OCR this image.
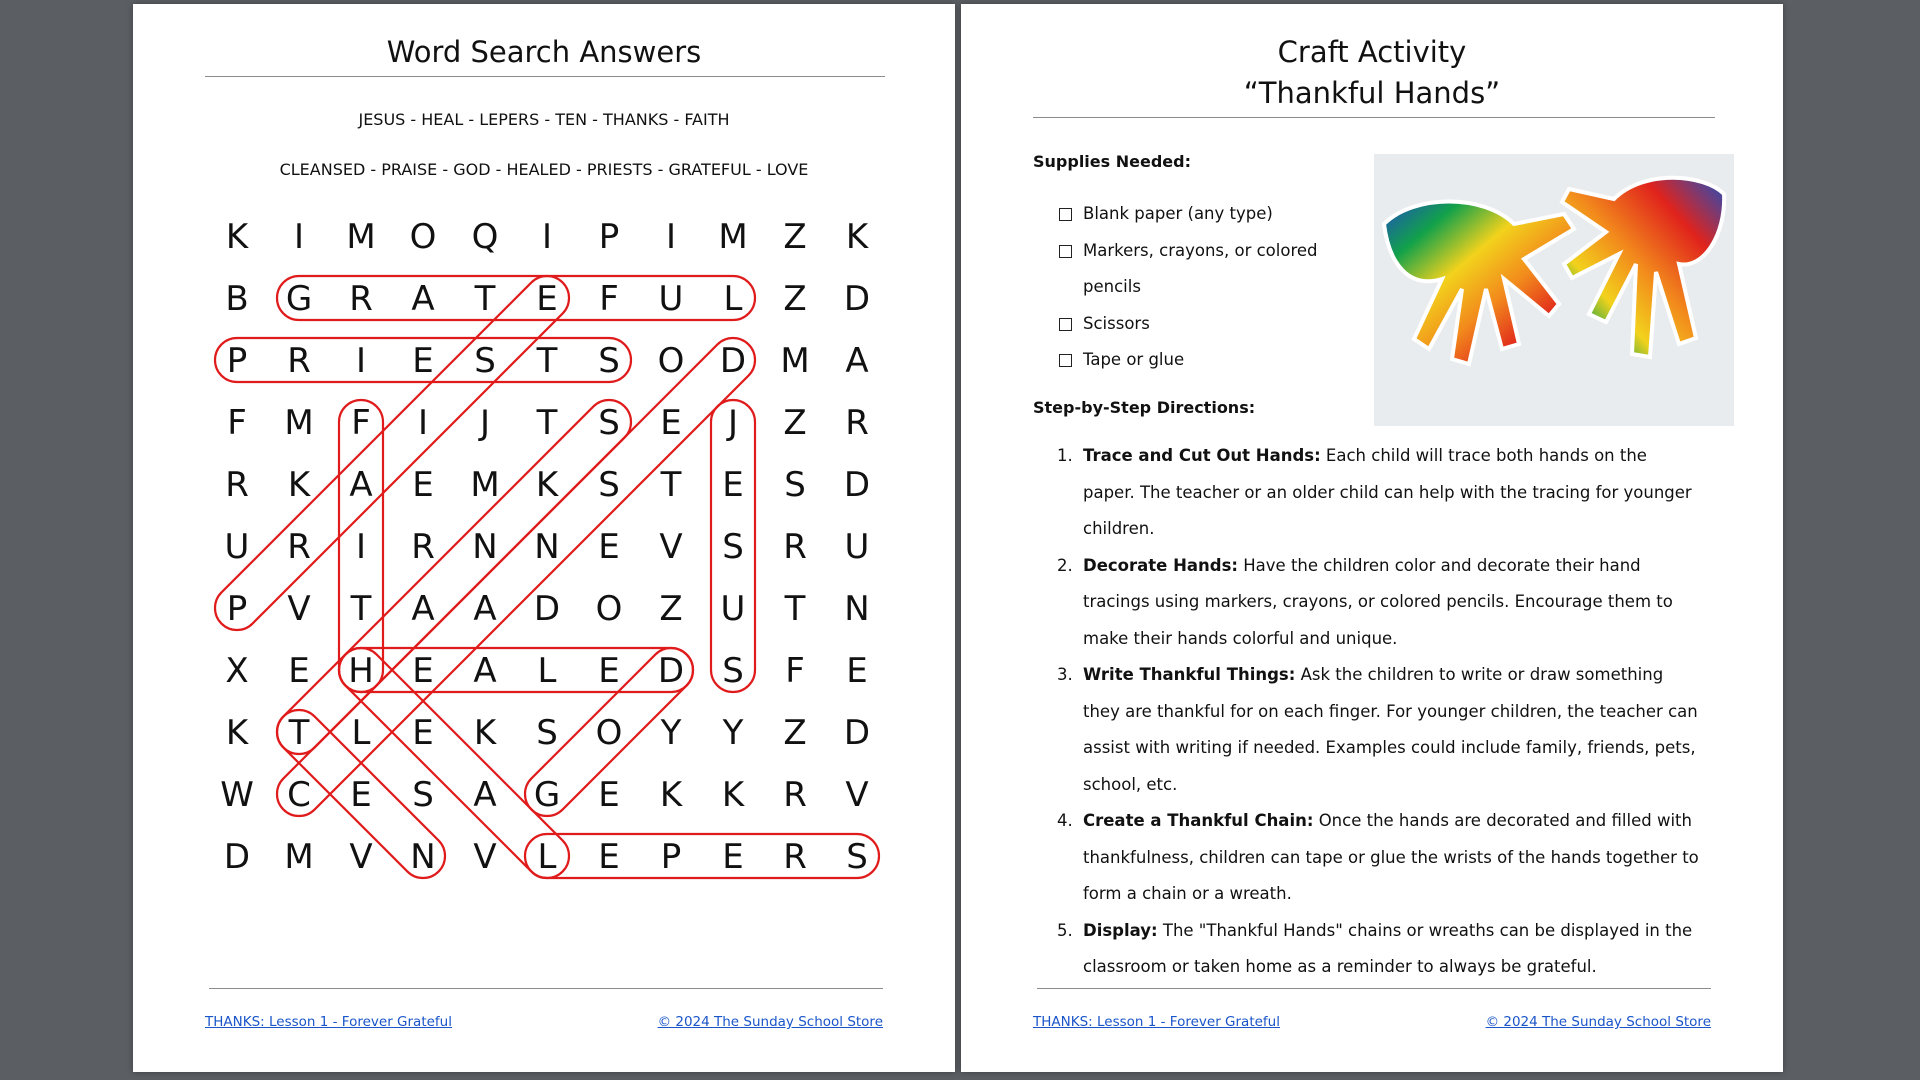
Word Search Answers
JESUS - HEAL - LEPERS - TEN - THANKS - FAITH
CLEANSED - PRAISE - GOD - HEALED - PRIESTS - GRATEFUL - LOVE
K I M O Q I P I M Z K
B G R A T E F U L Z D
P R I E S T S O D M A
F M F I J T S E J Z R
R K A E M K S T E S D
U R I R N N E V S R U
P V T A A D O Z U T N
X E H E A L E D S F E
K T L E K S O Y Y Z D
W C E S A G E K K R V
D M V N V L E P E R S
THANKS: Lesson 1 - Forever Grateful	© 2024 The Sunday School Store
Craft Activity
“Thankful Hands”
Supplies Needed:
Blank paper (any type)
Markers, crayons, or colored pencils
Scissors
Tape or glue
Step-by-Step Directions:
1. Trace and Cut Out Hands: Each child will trace both hands on the paper. The teacher or an older child can help with the tracing for younger children.
2. Decorate Hands: Have the children color and decorate their hand tracings using markers, crayons, or colored pencils. Encourage them to make their hands colorful and unique.
3. Write Thankful Things: Ask the children to write or draw something they are thankful for on each finger. For younger children, the teacher can assist with writing if needed. Examples could include family, friends, pets, school, etc.
4. Create a Thankful Chain: Once the hands are decorated and filled with thankfulness, children can tape or glue the wrists of the hands together to form a chain or a wreath.
5. Display: The "Thankful Hands" chains or wreaths can be displayed in the classroom or taken home as a reminder to always be grateful.
THANKS: Lesson 1 - Forever Grateful	© 2024 The Sunday School Store
